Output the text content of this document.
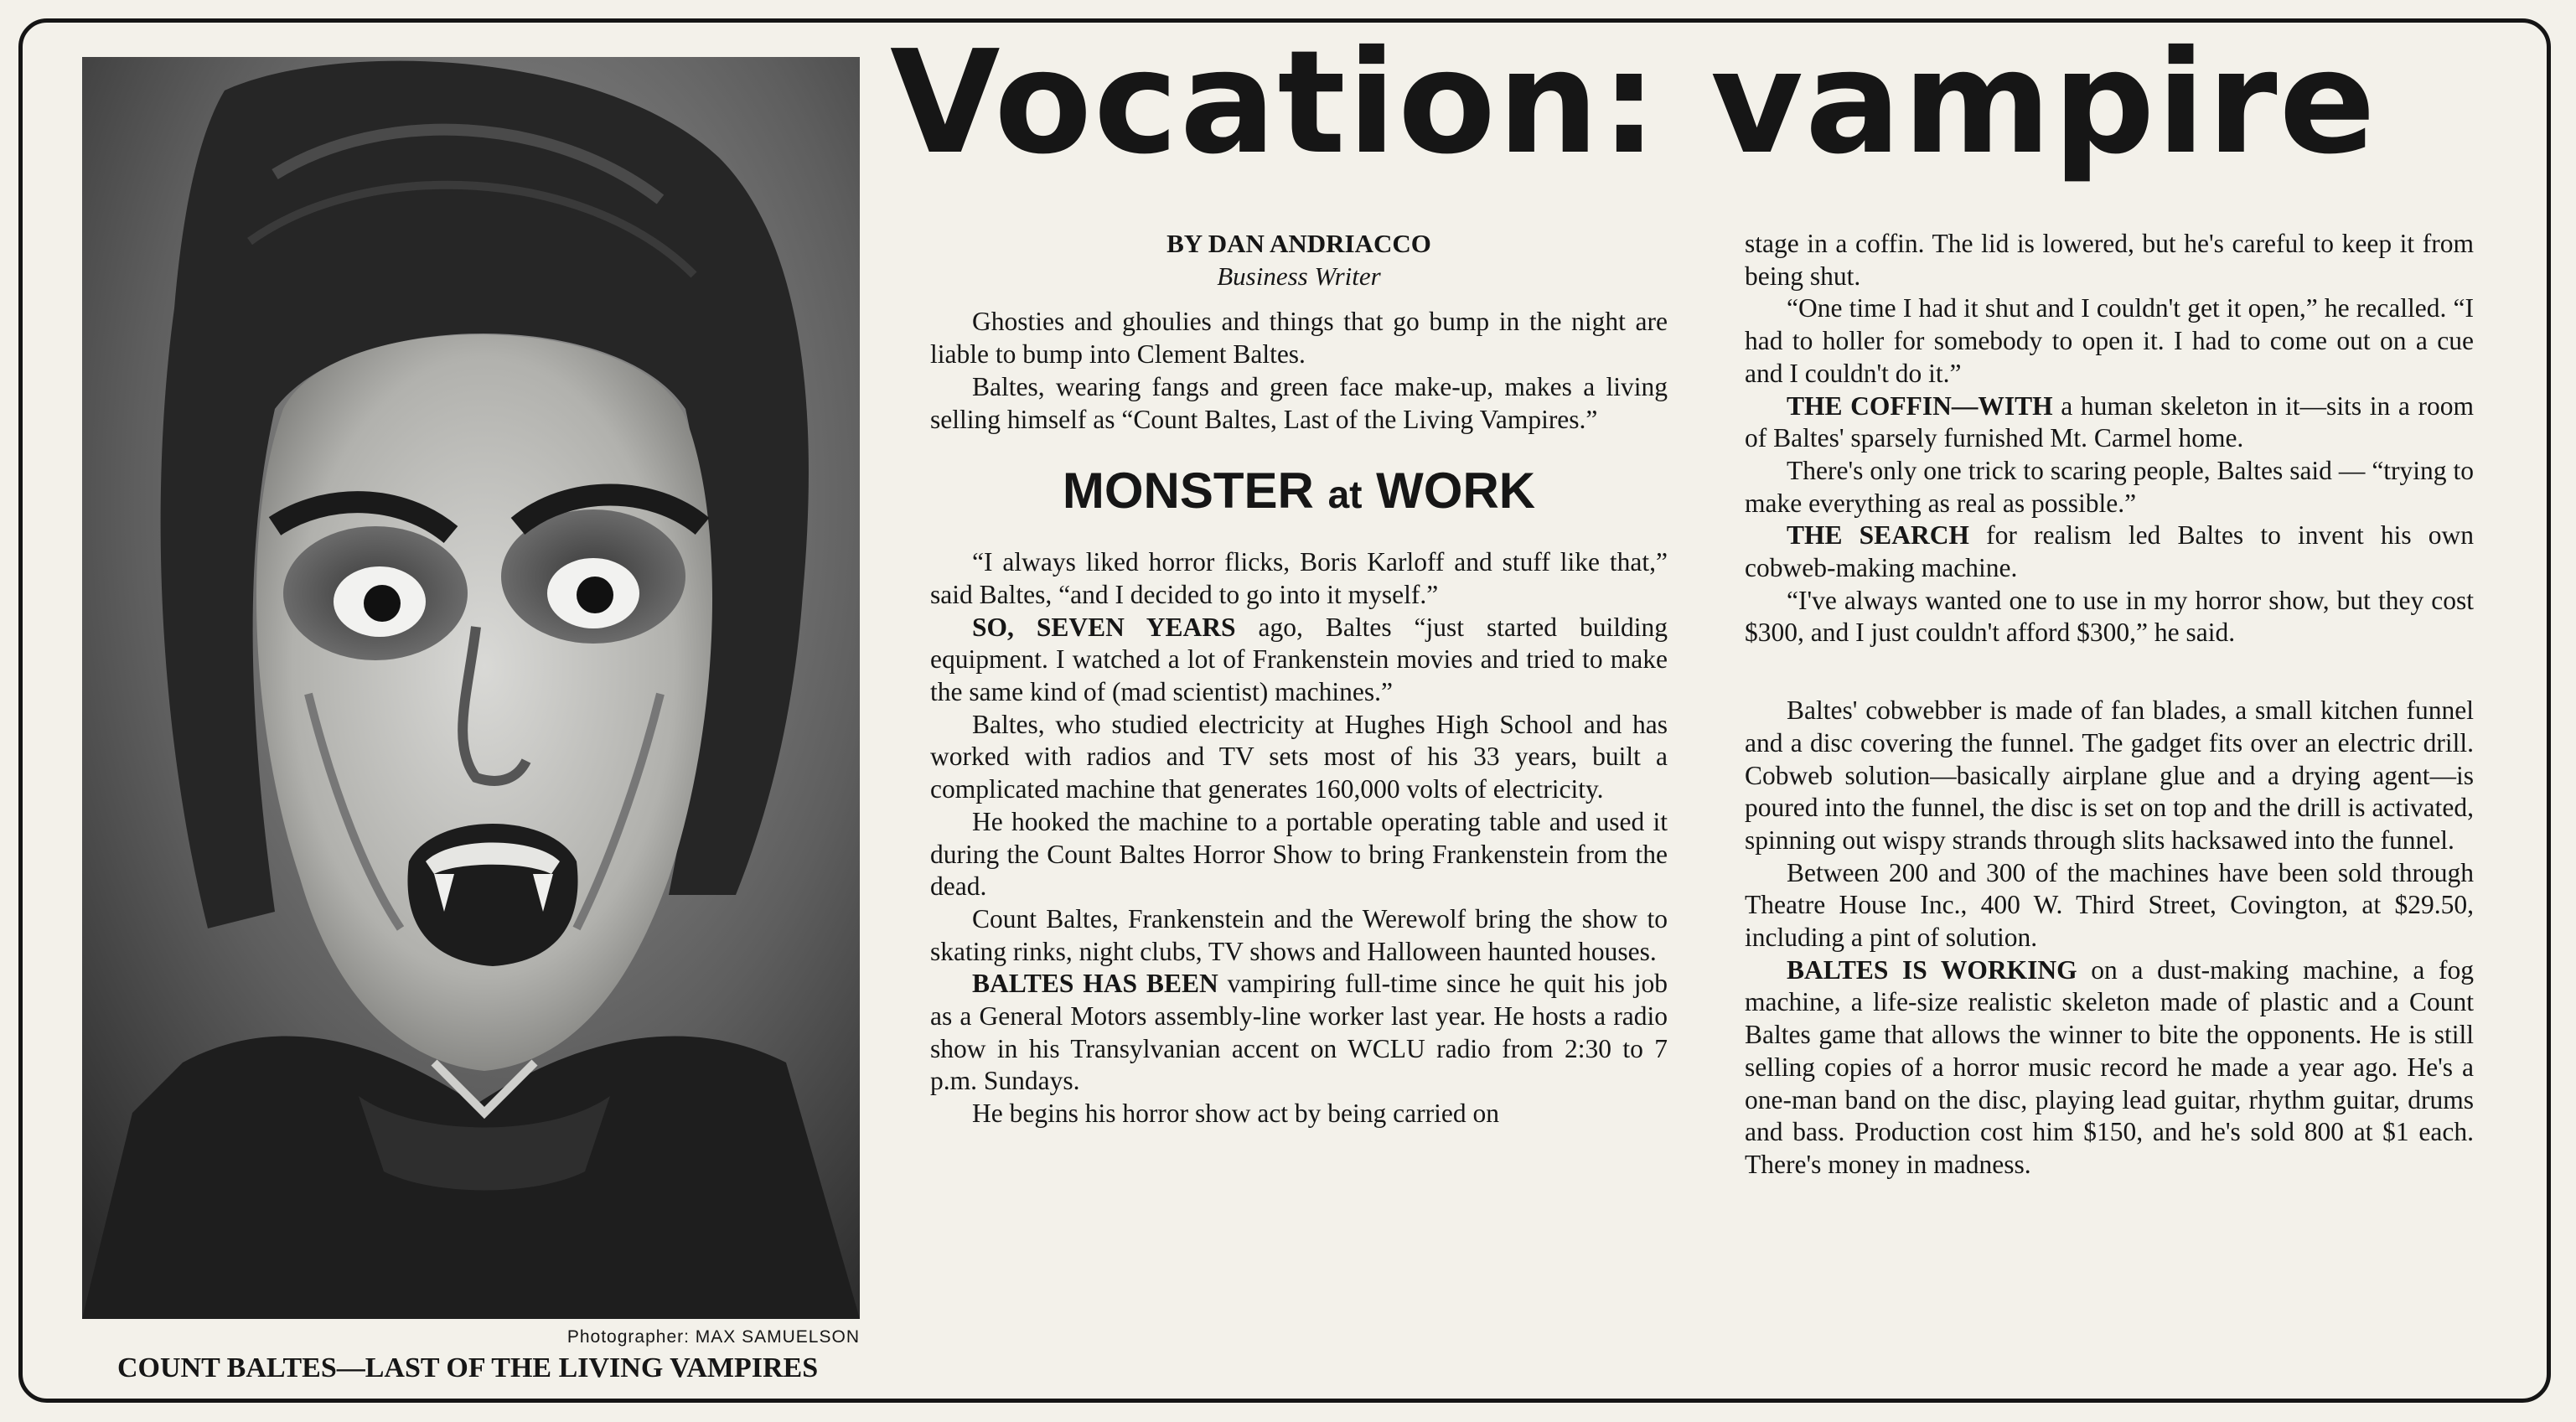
Photographer: MAX SAMUELSON
COUNT BALTES—LAST OF THE LIVING VAMPIRES
Vocation: vampire
BY DAN ANDRIACCO
Business Writer

Ghosties and ghoulies and things that go bump in the night are liable to bump into Clement Baltes.

Baltes, wearing fangs and green face make-up, makes a living selling himself as “Count Baltes, Last of the Living Vampires.”

MONSTER at WORK

“I always liked horror flicks, Boris Karloff and stuff like that,” said Baltes, “and I decided to go into it myself.”

SO, SEVEN YEARS ago, Baltes “just started building equipment. I watched a lot of Frankenstein movies and tried to make the same kind of (mad scientist) machines.”

Baltes, who studied electricity at Hughes High School and has worked with radios and TV sets most of his 33 years, built a complicated machine that generates 160,000 volts of electricity.

He hooked the machine to a portable operating table and used it during the Count Baltes Horror Show to bring Frankenstein from the dead.

Count Baltes, Frankenstein and the Werewolf bring the show to skating rinks, night clubs, TV shows and Halloween haunted houses.

BALTES HAS BEEN vampiring full-time since he quit his job as a General Motors assembly-line worker last year. He hosts a radio show in his Transylvanian accent on WCLU radio from 2:30 to 7 p.m. Sundays.

He begins his horror show act by being carried on

stage in a coffin. The lid is lowered, but he's careful to keep it from being shut.

“One time I had it shut and I couldn't get it open,” he recalled. “I had to holler for somebody to open it. I had to come out on a cue and I couldn't do it.”

THE COFFIN—WITH a human skeleton in it—sits in a room of Baltes' sparsely furnished Mt. Carmel home.

There's only one trick to scaring people, Baltes said — “trying to make everything as real as possible.”

THE SEARCH for realism led Baltes to invent his own cobweb-making machine.

“I've always wanted one to use in my horror show, but they cost $300, and I just couldn't afford $300,” he said.

Baltes' cobwebber is made of fan blades, a small kitchen funnel and a disc covering the funnel. The gadget fits over an electric drill. Cobweb solution—basically airplane glue and a drying agent—is poured into the funnel, the disc is set on top and the drill is activated, spinning out wispy strands through slits hacksawed into the funnel.

Between 200 and 300 of the machines have been sold through Theatre House Inc., 400 W. Third Street, Covington, at $29.50, including a pint of solution.

BALTES IS WORKING on a dust-making machine, a fog machine, a life-size realistic skeleton made of plastic and a Count Baltes game that allows the winner to bite the opponents. He is still selling copies of a horror music record he made a year ago. He's a one-man band on the disc, playing lead guitar, rhythm guitar, drums and bass. Production cost him $150, and he's sold 800 at $1 each. There's money in madness.
